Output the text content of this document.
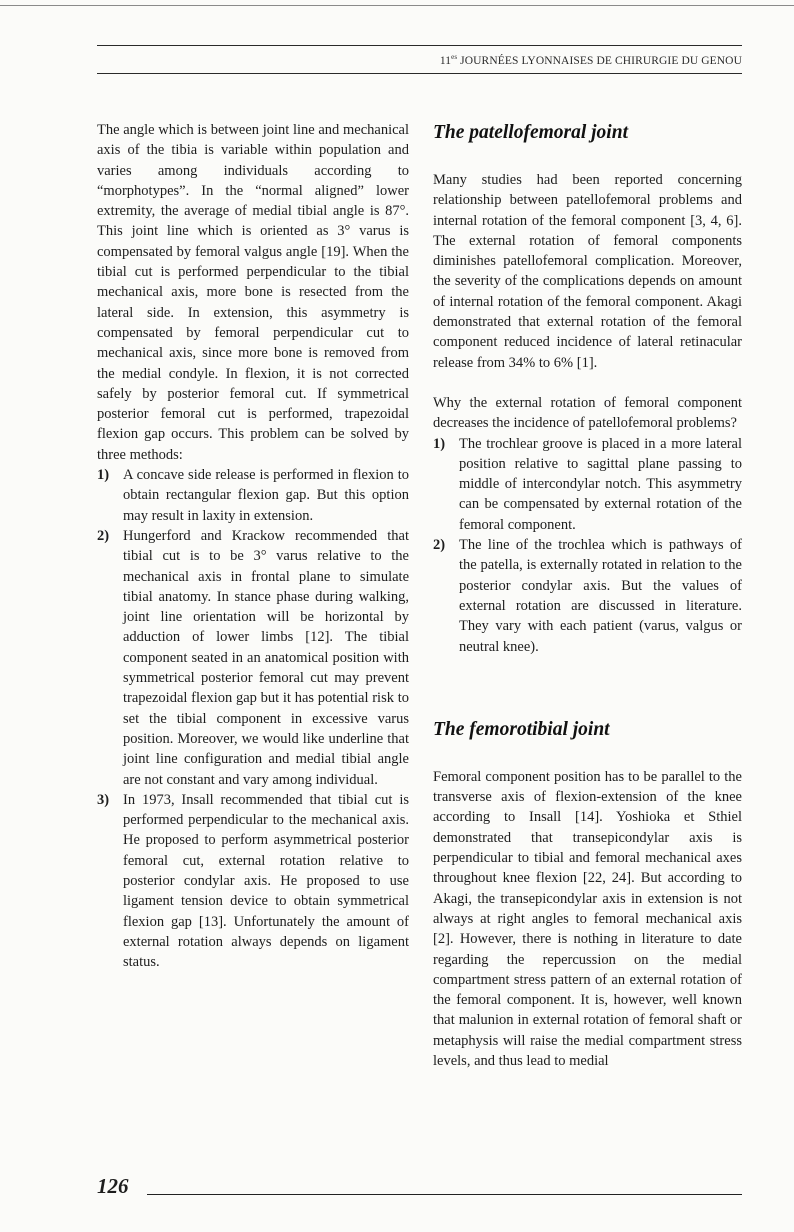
$11^{es}$ JOURNÉES LYONNAISES DE CHIRURGIE DU GENOU

The angle which is between joint line and mechanical axis of the tibia is variable within population and varies among individuals according to “morphotypes”. In the “normal aligned” lower extremity, the average of medial tibial angle is 87°. This joint line which is oriented as 3° varus is compensated by femoral valgus angle [19]. When the tibial cut is performed perpendicular to the tibial mechanical axis, more bone is resected from the lateral side. In extension, this asymmetry is compensated by femoral perpendicular cut to mechanical axis, since more bone is removed from the medial condyle. In flexion, it is not corrected safely by posterior femoral cut. If symmetrical posterior femoral cut is performed, trapezoidal flexion gap occurs. This problem can be solved by three methods:

1) A concave side release is performed in flexion to obtain rectangular flexion gap. But this option may result in laxity in extension.
2) Hungerford and Krackow recommended that tibial cut is to be 3° varus relative to the mechanical axis in frontal plane to simulate tibial anatomy. In stance phase during walking, joint line orientation will be horizontal by adduction of lower limbs [12]. The tibial component seated in an anatomical position with symmetrical posterior femoral cut may prevent trapezoidal flexion gap but it has potential risk to set the tibial component in excessive varus position. Moreover, we would like underline that joint line configuration and medial tibial angle are not constant and vary among individual.
3) In 1973, Insall recommended that tibial cut is performed perpendicular to the mechanical axis. He proposed to perform asymmetrical posterior femoral cut, external rotation relative to posterior condylar axis. He proposed to use ligament tension device to obtain symmetrical flexion gap [13]. Unfortunately the amount of external rotation always depends on ligament status.
The patellofemoral joint

Many studies had been reported concerning relationship between patellofemoral problems and internal rotation of the femoral component [3, 4, 6]. The external rotation of femoral components diminishes patellofemoral complication. Moreover, the severity of the complications depends on amount of internal rotation of the femoral component. Akagi demonstrated that external rotation of the femoral component reduced incidence of lateral retinacular release from 34% to 6% [1].

Why the external rotation of femoral component decreases the incidence of patellofemoral problems?

1) The trochlear groove is placed in a more lateral position relative to sagittal plane passing to middle of intercondylar notch. This asymmetry can be compensated by external rotation of the femoral component.
2) The line of the trochlea which is pathways of the patella, is externally rotated in relation to the posterior condylar axis. But the values of external rotation are discussed in literature. They vary with each patient (varus, valgus or neutral knee).
The femorotibial joint

Femoral component position has to be parallel to the transverse axis of flexion-extension of the knee according to Insall [14]. Yoshioka et Sthiel demonstrated that transepicondylar axis is perpendicular to tibial and femoral mechanical axes throughout knee flexion [22, 24]. But according to Akagi, the transepicondylar axis in extension is not always at right angles to femoral mechanical axis [2]. However, there is nothing in literature to date regarding the repercussion on the medial compartment stress pattern of an external rotation of the femoral component. It is, however, well known that malunion in external rotation of femoral shaft or metaphysis will raise the medial compartment stress levels, and thus lead to medial

126
